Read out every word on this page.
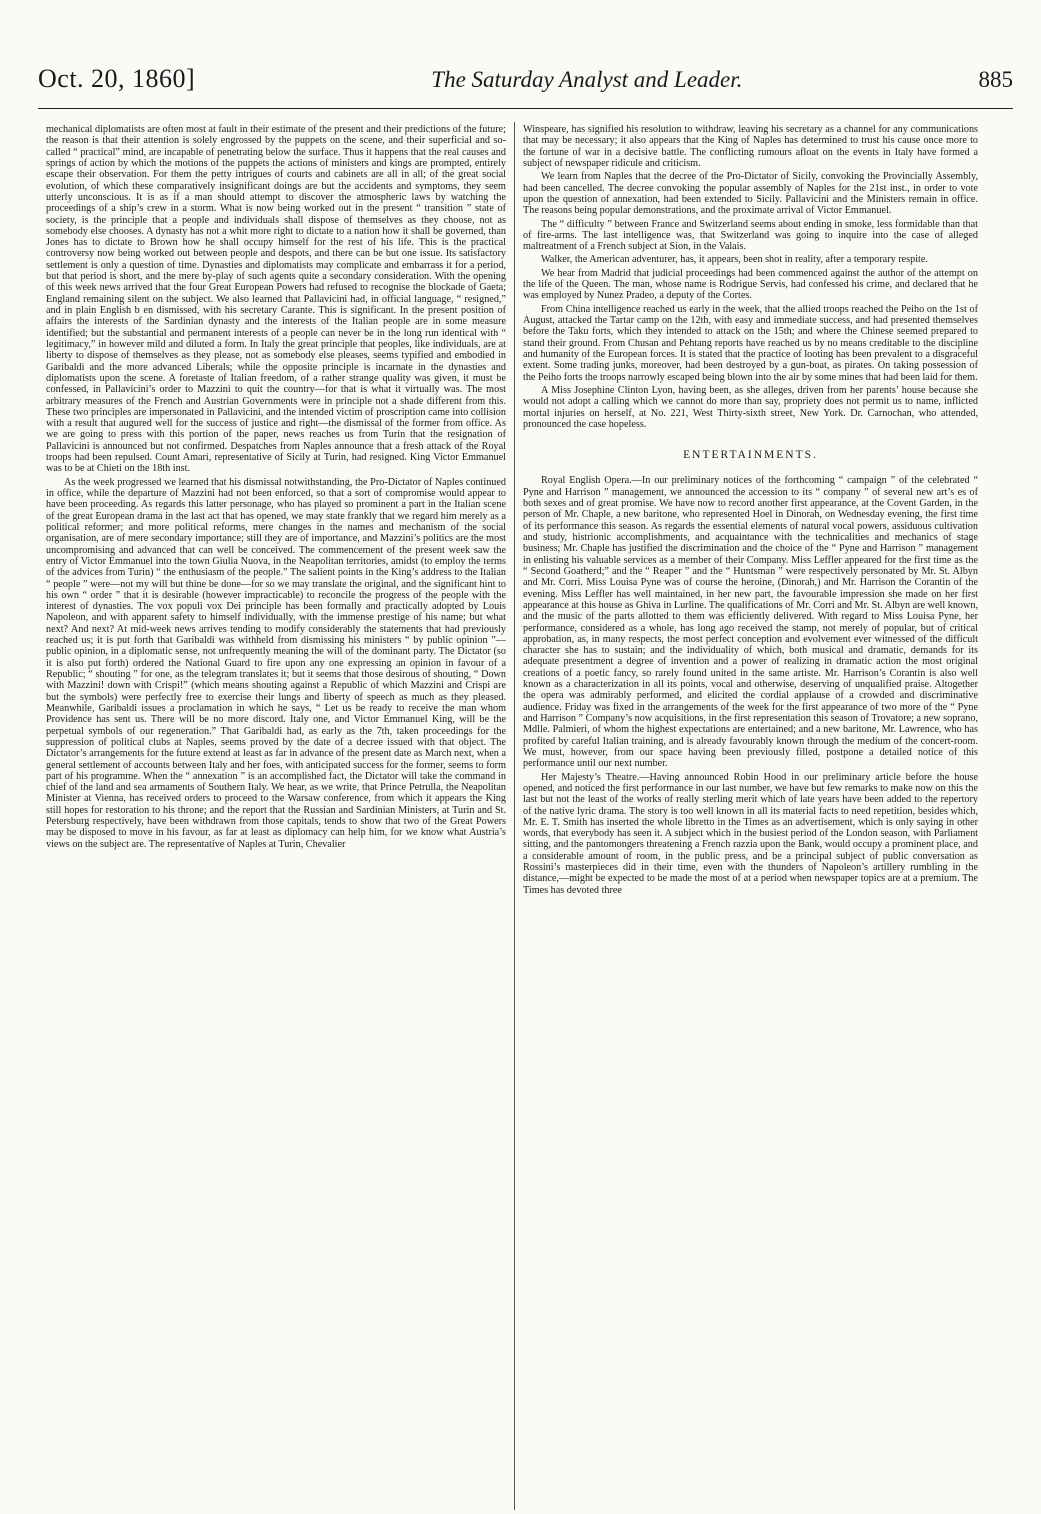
Oct. 20, 1860]	The Saturday Analyst and Leader.	885

mechanical diplomatists are often most at fault in their estimate of the present and their predictions of the future; the reason is that their attention is solely engrossed by the puppets on the scene, and their superficial and so-called “ practical” mind, are incapable of penetrating below the surface. Thus it happens that the real causes and springs of action by which the motions of the puppets the actions of ministers and kings are prompted, entirely escape their observation. For them the petty intrigues of courts and cabinets are all in all; of the great social evolution, of which these comparatively insignificant doings are but the accidents and symptoms, they seem utterly unconscious. It is as if a man should attempt to discover the atmospheric laws by watching the proceedings of a ship’s crew in a storm. What is now being worked out in the present “ transition ” state of society, is the principle that a people and individuals shall dispose of themselves as they choose, not as somebody else chooses. A dynasty has not a whit more right to dictate to a nation how it shall be governed, than Jones has to dictate to Brown how he shall occupy himself for the rest of his life. This is the practical controversy now being worked out between people and despots, and there can be but one issue. Its satisfactory settlement is only a question of time. Dynasties and diplomatists may complicate and embarrass it for a period, but that period is short, and the mere by-play of such agents quite a secondary consideration. With the opening of this week news arrived that the four Great European Powers had refused to recognise the blockade of Gaeta; England remaining silent on the subject. We also learned that Pallavicini had, in official language, “ resigned,” and in plain English b en dismissed, with his secretary Carante. This is significant. In the present position of affairs the interests of the Sardinian dynasty and the interests of the Italian people are in some measure identified; but the substantial and permanent interests of a people can never be in the long run identical with “ legitimacy,” in however mild and diluted a form. In Italy the great principle that peoples, like individuals, are at liberty to dispose of themselves as they please, not as somebody else pleases, seems typified and embodied in Garibaldi and the more advanced Liberals; while the opposite principle is incarnate in the dynasties and diplomatists upon the scene. A foretaste of Italian freedom, of a rather strange quality was given, it must be confessed, in Pallavicini’s order to Mazzini to quit the country—for that is what it virtually was. The most arbitrary measures of the French and Austrian Governments were in principle not a shade different from this. These two principles are impersonated in Pallavicini, and the intended victim of proscription came into collision with a result that augured well for the success of justice and right—the dismissal of the former from office. As we are going to press with this portion of the paper, news reaches us from Turin that the resignation of Pallavicini is announced but not confirmed. Despatches from Naples announce that a fresh attack of the Royal troops had been repulsed. Count Amari, representative of Sicily at Turin, had resigned. King Victor Emmanuel was to be at Chieti on the 18th inst.

As the week progressed we learned that his dismissal notwithstanding, the Pro-Dictator of Naples continued in office, while the departure of Mazzini had not been enforced, so that a sort of compromise would appear to have been proceeding. As regards this latter personage, who has played so prominent a part in the Italian scene of the great European drama in the last act that has opened, we may state frankly that we regard him merely as a political reformer; and more political reforms, mere changes in the names and mechanism of the social organisation, are of mere secondary importance; still they are of importance, and Mazzini’s politics are the most uncompromising and advanced that can well be conceived. The commencement of the present week saw the entry of Victor Emmanuel into the town Giulia Nuova, in the Neapolitan territories, amidst (to employ the terms of the advices from Turin) “ the enthusiasm of the people.” The salient points in the King’s address to the Italian “ people ” were—not my will but thine be done—for so we may translate the original, and the significant hint to his own “ order ” that it is desirable (however impracticable) to reconcile the progress of the people with the interest of dynasties. The vox populi vox Dei principle has been formally and practically adopted by Louis Napoleon, and with apparent safety to himself individually, with the immense prestige of his name; but what next? And next? At mid-week news arrives tending to modify considerably the statements that had previously reached us; it is put forth that Garibaldi was withheld from dismissing his ministers “ by public opinion ”—public opinion, in a diplomatic sense, not unfrequently meaning the will of the dominant party. The Dictator (so it is also put forth) ordered the National Guard to fire upon any one expressing an opinion in favour of a Republic; “ shouting ” for one, as the telegram translates it; but it seems that those desirous of shouting, “ Down with Mazzini! down with Crispi!” (which means shouting against a Republic of which Mazzini and Crispi are but the symbols) were perfectly free to exercise their lungs and liberty of speech as much as they pleased. Meanwhile, Garibaldi issues a proclamation in which he says, “ Let us be ready to receive the man whom Providence has sent us. There will be no more discord. Italy one, and Victor Emmanuel King, will be the perpetual symbols of our regeneration.” That Garibaldi had, as early as the 7th, taken proceedings for the suppression of political clubs at Naples, seems proved by the date of a decree issued with that object. The Dictator’s arrangements for the future extend at least as far in advance of the present date as March next, when a general settlement of accounts between Italy and her foes, with anticipated success for the former, seems to form part of his programme. When the “ annexation ” is an accomplished fact, the Dictator will take the command in chief of the land and sea armaments of Southern Italy. We hear, as we write, that Prince Petrulla, the Neapolitan Minister at Vienna, has received orders to proceed to the Warsaw conference, from which it appears the King still hopes for restoration to his throne; and the report that the Russian and Sardinian Ministers, at Turin and St. Petersburg respectively, have been withdrawn from those capitals, tends to show that two of the Great Powers may be disposed to move in his favour, as far at least as diplomacy can help him, for we know what Austria’s views on the subject are. The representative of Naples at Turin, Chevalier

Winspeare, has signified his resolution to withdraw, leaving his secretary as a channel for any communications that may be necessary; it also appears that the King of Naples has determined to trust his cause once more to the fortune of war in a decisive battle. The conflicting rumours afloat on the events in Italy have formed a subject of newspaper ridicule and criticism.

We learn from Naples that the decree of the Pro-Dictator of Sicily, convoking the Provincially Assembly, had been cancelled. The decree convoking the popular assembly of Naples for the 21st inst., in order to vote upon the question of annexation, had been extended to Sicily. Pallavicini and the Ministers remain in office. The reasons being popular demonstrations, and the proximate arrival of Victor Emmanuel.

The “ difficulty ” between France and Switzerland seems about ending in smoke, less formidable than that of fire-arms. The last intelligence was, that Switzerland was going to inquire into the case of alleged maltreatment of a French subject at Sion, in the Valais.

Walker, the American adventurer, has, it appears, been shot in reality, after a temporary respite.

We hear from Madrid that judicial proceedings had been commenced against the author of the attempt on the life of the Queen. The man, whose name is Rodrigue Servis, had confessed his crime, and declared that he was employed by Nunez Pradeo, a deputy of the Cortes.

From China intelligence reached us early in the week, that the allied troops reached the Peiho on the 1st of August, attacked the Tartar camp on the 12th, with easy and immediate success, and had presented themselves before the Taku forts, which they intended to attack on the 15th; and where the Chinese seemed prepared to stand their ground. From Chusan and Pehtang reports have reached us by no means creditable to the discipline and humanity of the European forces. It is stated that the practice of looting has been prevalent to a disgraceful extent. Some trading junks, moreover, had been destroyed by a gun-boat, as pirates. On taking possession of the Peiho forts the troops narrowly escaped being blown into the air by some mines that had been laid for them.

A Miss Josephine Clinton Lyon, having been, as she alleges, driven from her parents’ house because she would not adopt a calling which we cannot do more than say, propriety does not permit us to name, inflicted mortal injuries on herself, at No. 221, West Thirty-sixth street, New York. Dr. Carnochan, who attended, pronounced the case hopeless.

ENTERTAINMENTS.

Royal English Opera.—In our preliminary notices of the forthcoming “ campaign ” of the celebrated “ Pyne and Harrison ” management, we announced the accession to its “ company ” of several new art’s es of both sexes and of great promise. We have now to record another first appearance, at the Covent Garden, in the person of Mr. Chaple, a new baritone, who represented Hoel in Dinorah, on Wednesday evening, the first time of its performance this season. As regards the essential elements of natural vocal powers, assiduous cultivation and study, histrionic accomplishments, and acquaintance with the technicalities and mechanics of stage business; Mr. Chaple has justified the discrimination and the choice of the “ Pyne and Harrison ” management in enlisting his valuable services as a member of their Company. Miss Leffler appeared for the first time as the “ Second Goatherd;” and the “ Reaper ” and the “ Huntsman ” were respectively personated by Mr. St. Albyn and Mr. Corri. Miss Louisa Pyne was of course the heroine, (Dinorah,) and Mr. Harrison the Corantin of the evening. Miss Leffler has well maintained, in her new part, the favourable impression she made on her first appearance at this house as Ghiva in Lurline. The qualifications of Mr. Corri and Mr. St. Albyn are well known, and the music of the parts allotted to them was efficiently delivered. With regard to Miss Louisa Pyne, her performance, considered as a whole, has long ago received the stamp, not merely of popular, but of critical approbation, as, in many respects, the most perfect conception and evolvement ever witnessed of the difficult character she has to sustain; and the individuality of which, both musical and dramatic, demands for its adequate presentment a degree of invention and a power of realizing in dramatic action the most original creations of a poetic fancy, so rarely found united in the same artiste. Mr. Harrison’s Corantin is also well known as a characterization in all its points, vocal and otherwise, deserving of unqualified praise. Altogether the opera was admirably performed, and elicited the cordial applause of a crowded and discriminative audience. Friday was fixed in the arrangements of the week for the first appearance of two more of the “ Pyne and Harrison ” Company’s now acquisitions, in the first representation this season of Trovatore; a new soprano, Mdlle. Palmieri, of whom the highest expectations are entertained; and a new baritone, Mr. Lawrence, who has profited by careful Italian training, and is already favourably known through the medium of the concert-room. We must, however, from our space having been previously filled, postpone a detailed notice of this performance until our next number.

Her Majesty’s Theatre.—Having announced Robin Hood in our preliminary article before the house opened, and noticed the first performance in our last number, we have but few remarks to make now on this the last but not the least of the works of really sterling merit which of late years have been added to the repertory of the native lyric drama. The story is too well known in all its material facts to need repetition, besides which, Mr. E. T. Smith has inserted the whole libretto in the Times as an advertisement, which is only saying in other words, that everybody has seen it. A subject which in the busiest period of the London season, with Parliament sitting, and the pantomongers threatening a French razzia upon the Bank, would occupy a prominent place, and a considerable amount of room, in the public press, and be a principal subject of public conversation as Rossini’s masterpieces did in their time, even with the thunders of Napoleon’s artillery rumbling in the distance,—might be expected to be made the most of at a period when newspaper topics are at a premium. The Times has devoted three
